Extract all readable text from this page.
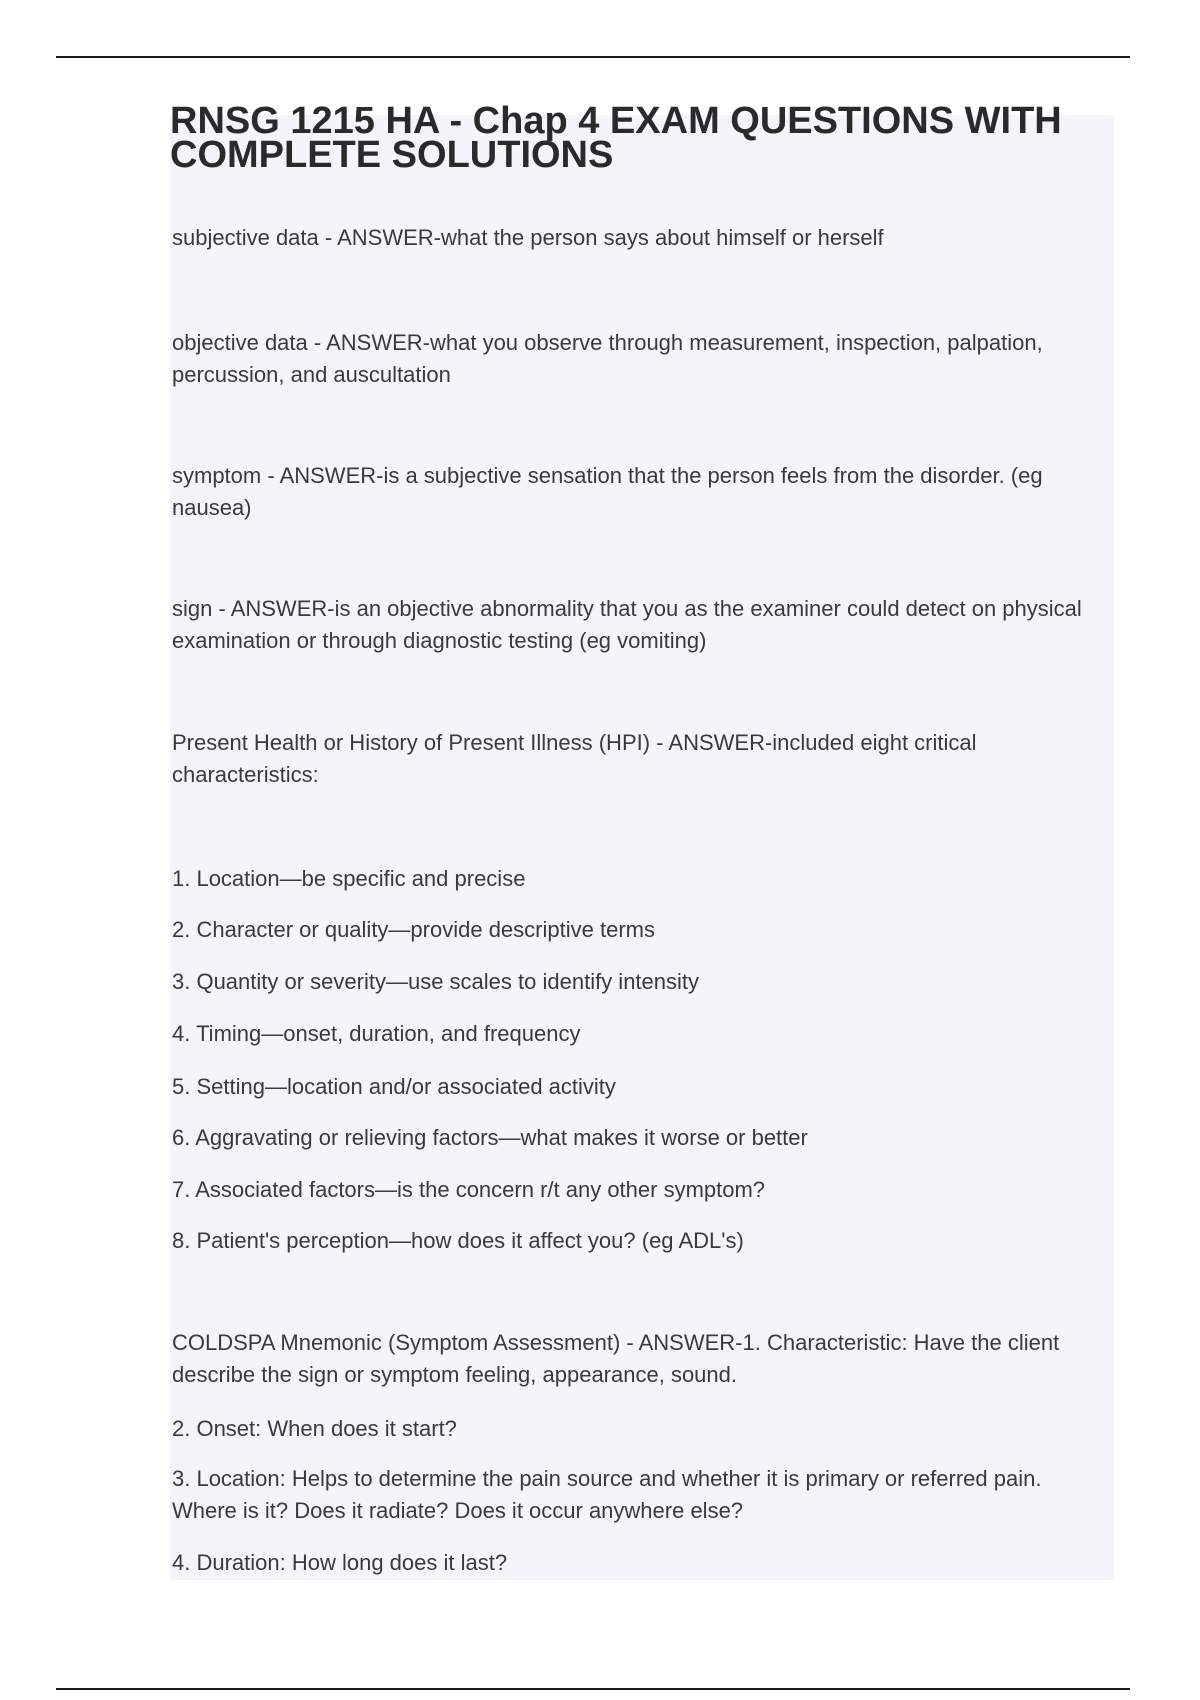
RNSG 1215 HA - Chap 4 EXAM QUESTIONS WITH COMPLETE SOLUTIONS

subjective data - ANSWER-what the person says about himself or herself

objective data - ANSWER-what you observe through measurement, inspection, palpation, percussion, and auscultation

symptom - ANSWER-is a subjective sensation that the person feels from the disorder. (eg nausea)

sign - ANSWER-is an objective abnormality that you as the examiner could detect on physical examination or through diagnostic testing (eg vomiting)

Present Health or History of Present Illness (HPI) - ANSWER-included eight critical characteristics:

1. Location—be specific and precise

2. Character or quality—provide descriptive terms

3. Quantity or severity—use scales to identify intensity

4. Timing—onset, duration, and frequency

5. Setting—location and/or associated activity

6. Aggravating or relieving factors—what makes it worse or better

7. Associated factors—is the concern r/t any other symptom?

8. Patient's perception—how does it affect you? (eg ADL's)

COLDSPA Mnemonic (Symptom Assessment) - ANSWER-1. Characteristic: Have the client describe the sign or symptom feeling, appearance, sound.

2. Onset: When does it start?

3. Location: Helps to determine the pain source and whether it is primary or referred pain. Where is it? Does it radiate? Does it occur anywhere else?

4. Duration: How long does it last?
